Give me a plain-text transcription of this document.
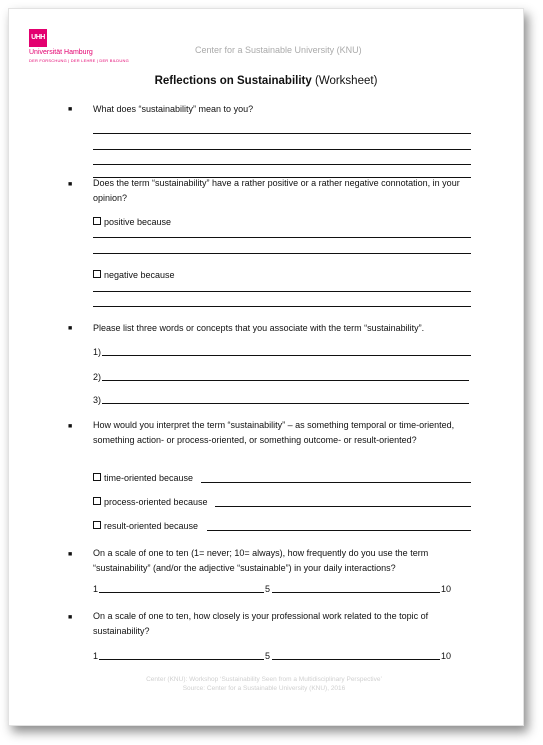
UHH
Universität Hamburg
DER FORSCHUNG | DER LEHRE | DER BILDUNG
Center for a Sustainable University (KNU)
Reflections on Sustainability (Worksheet)
■ What does “sustainability” mean to you?
■ Does the term “sustainability” have a rather positive or a rather negative connotation, in your opinion?
positive because
negative because
■ Please list three words or concepts that you associate with the term “sustainability”.
1)
2)
3)
■ How would you interpret the term “sustainability” – as something temporal or time-oriented, something action- or process-oriented, or something outcome- or result-oriented?
time-oriented because
process-oriented because
result-oriented because
■ On a scale of one to ten (1= never; 10= always), how frequently do you use the term “sustainability” (and/or the adjective “sustainable”) in your daily interactions?
1	5	10
■ On a scale of one to ten, how closely is your professional work related to the topic of sustainability?
1	5	10
Center (KNU): Workshop ‘Sustainability Seen from a Multidisciplinary Perspective’
Source: Center for a Sustainable University (KNU), 2016
